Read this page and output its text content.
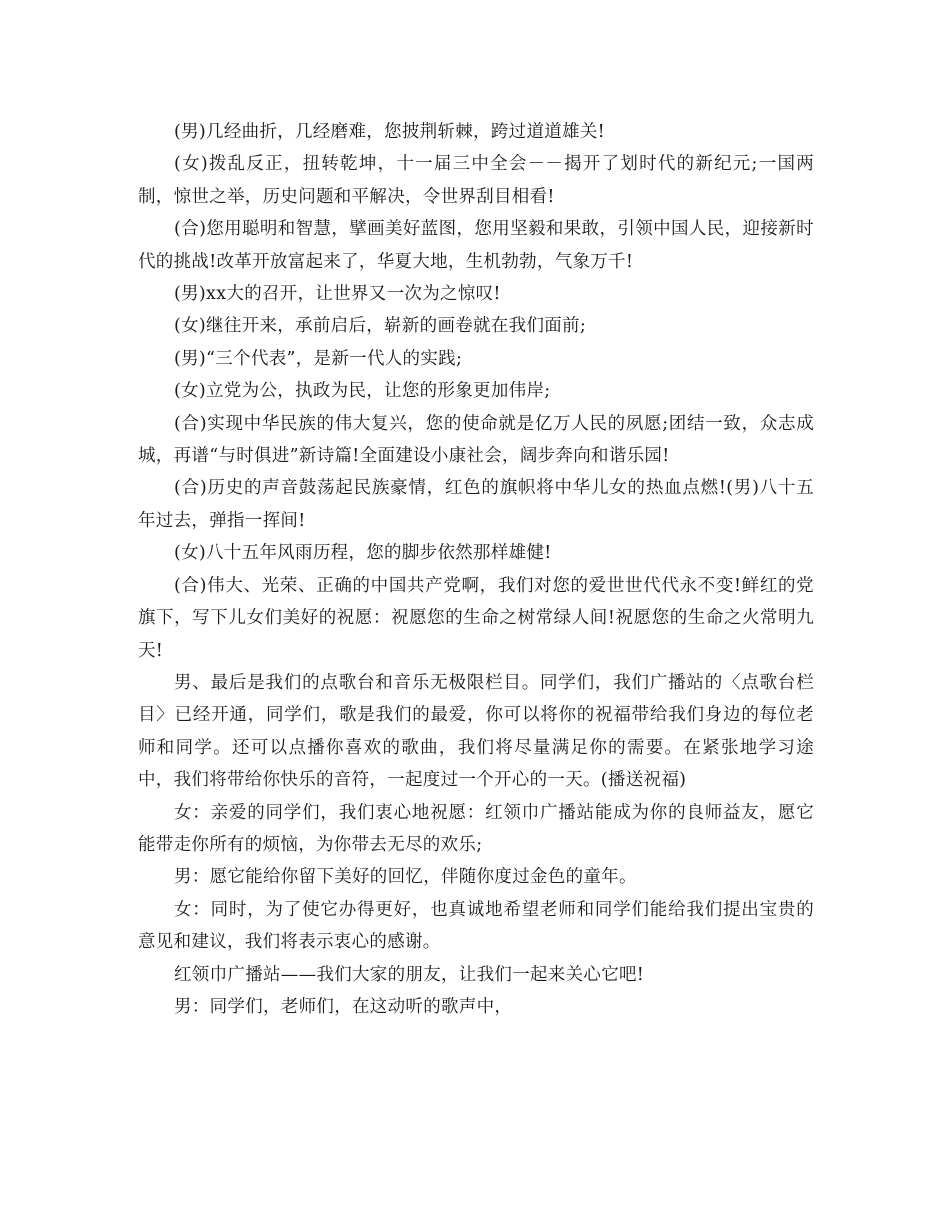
(男)几经曲折，几经磨难，您披荆斩棘，跨过道道雄关!

(女)拨乱反正，扭转乾坤，十一届三中全会－－揭开了划时代的新纪元;一国两制，惊世之举，历史问题和平解决，令世界刮目相看!

(合)您用聪明和智慧，擘画美好蓝图，您用坚毅和果敢，引领中国人民，迎接新时代的挑战!改革开放富起来了，华夏大地，生机勃勃，气象万千!

(男)xx大的召开，让世界又一次为之惊叹!

(女)继往开来，承前启后，崭新的画卷就在我们面前;

(男)“三个代表”，是新一代人的实践;

(女)立党为公，执政为民，让您的形象更加伟岸;

(合)实现中华民族的伟大复兴，您的使命就是亿万人民的夙愿;团结一致，众志成城，再谱“与时俱进”新诗篇!全面建设小康社会，阔步奔向和谐乐园!

(合)历史的声音鼓荡起民族豪情，红色的旗帜将中华儿女的热血点燃!(男)八十五年过去，弹指一挥间!

(女)八十五年风雨历程，您的脚步依然那样雄健!

(合)伟大、光荣、正确的中国共产党啊，我们对您的爱世世代代永不变!鲜红的党旗下，写下儿女们美好的祝愿：祝愿您的生命之树常绿人间!祝愿您的生命之火常明九天!

男、最后是我们的点歌台和音乐无极限栏目。同学们，我们广播站的〈点歌台栏目〉已经开通，同学们，歌是我们的最爱，你可以将你的祝福带给我们身边的每位老师和同学。还可以点播你喜欢的歌曲，我们将尽量满足你的需要。在紧张地学习途中，我们将带给你快乐的音符，一起度过一个开心的一天。(播送祝福)

女：亲爱的同学们，我们衷心地祝愿：红领巾广播站能成为你的良师益友，愿它能带走你所有的烦恼，为你带去无尽的欢乐;

男：愿它能给你留下美好的回忆，伴随你度过金色的童年。

女：同时，为了使它办得更好，也真诚地希望老师和同学们能给我们提出宝贵的意见和建议，我们将表示衷心的感谢。

红领巾广播站——我们大家的朋友，让我们一起来关心它吧!

男：同学们，老师们，在这动听的歌声中，
